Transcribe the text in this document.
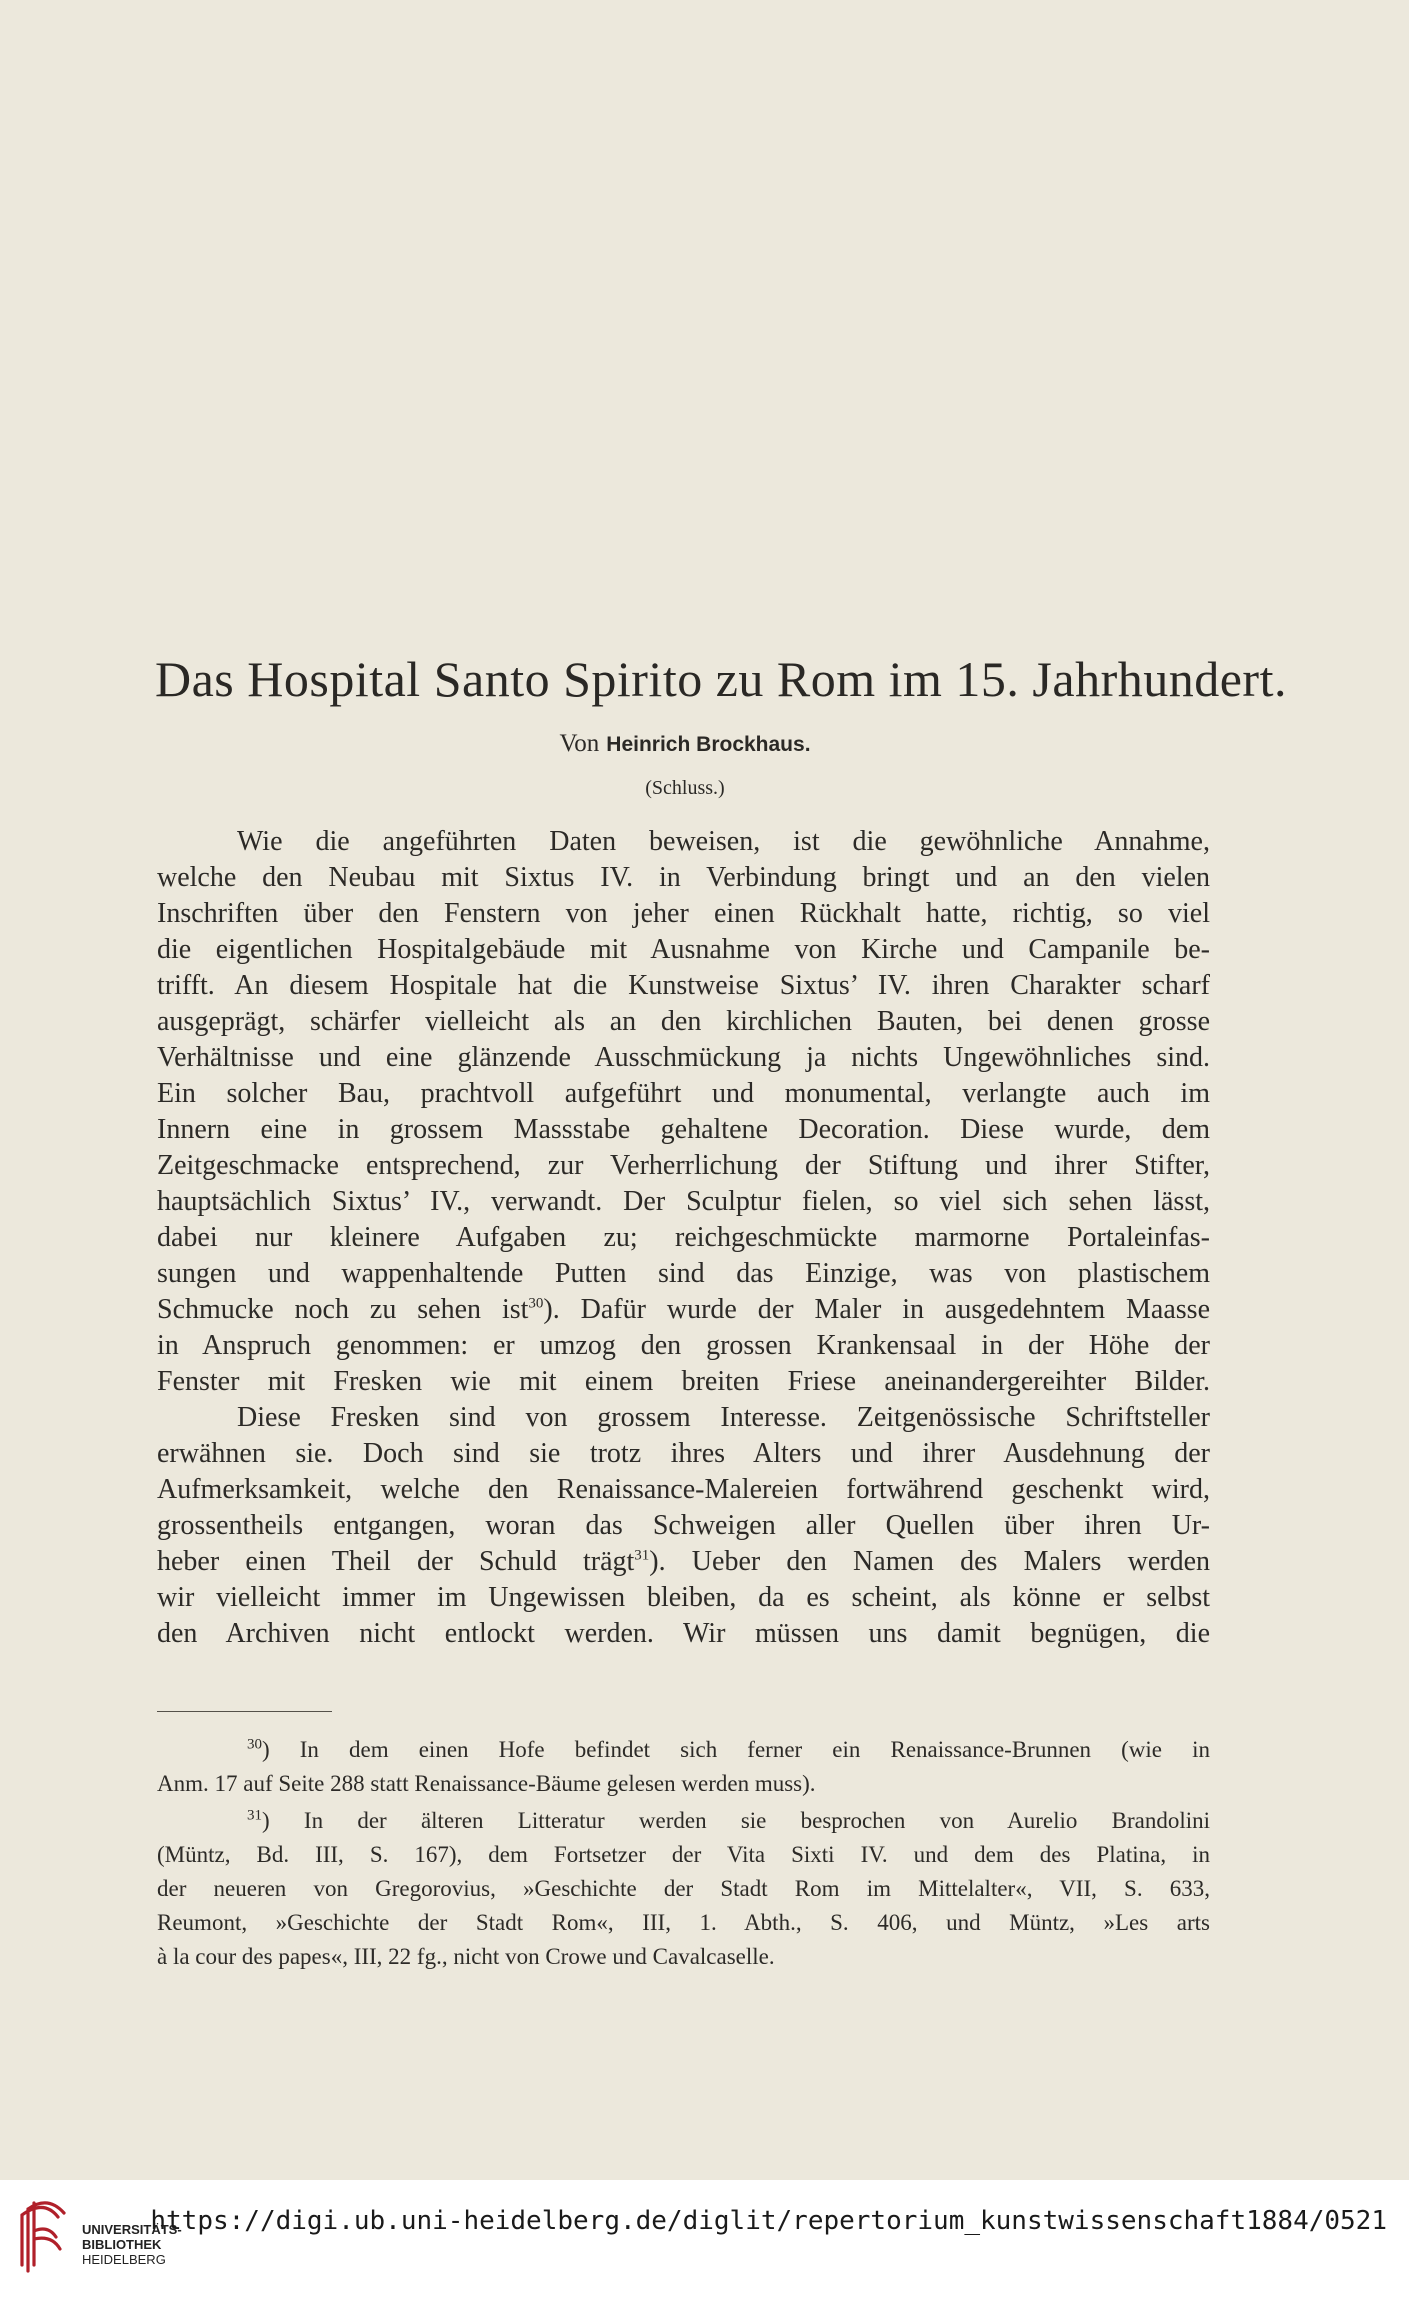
Das Hospital Santo Spirito zu Rom im 15. Jahrhundert.
Von Heinrich Brockhaus.
(Schluss.)
Wie die angeführten Daten beweisen, ist die gewöhnliche Annahme,
welche den Neubau mit Sixtus IV. in Verbindung bringt und an den vielen
Inschriften über den Fenstern von jeher einen Rückhalt hatte, richtig, so viel
die eigentlichen Hospitalgebäude mit Ausnahme von Kirche und Campanile be-
trifft. An diesem Hospitale hat die Kunstweise Sixtus’ IV. ihren Charakter scharf
ausgeprägt, schärfer vielleicht als an den kirchlichen Bauten, bei denen grosse
Verhältnisse und eine glänzende Ausschmückung ja nichts Ungewöhnliches sind.
Ein solcher Bau, prachtvoll aufgeführt und monumental, verlangte auch im
Innern eine in grossem Massstabe gehaltene Decoration. Diese wurde, dem
Zeitgeschmacke entsprechend, zur Verherrlichung der Stiftung und ihrer Stifter,
hauptsächlich Sixtus’ IV., verwandt. Der Sculptur fielen, so viel sich sehen lässt,
dabei nur kleinere Aufgaben zu; reichgeschmückte marmorne Portaleinfas-
sungen und wappenhaltende Putten sind das Einzige, was von plastischem
Schmucke noch zu sehen ist$^{30}$). Dafür wurde der Maler in ausgedehntem Maasse
in Anspruch genommen: er umzog den grossen Krankensaal in der Höhe der
Fenster mit Fresken wie mit einem breiten Friese aneinandergereihter Bilder.
Diese Fresken sind von grossem Interesse. Zeitgenössische Schriftsteller
erwähnen sie. Doch sind sie trotz ihres Alters und ihrer Ausdehnung der
Aufmerksamkeit, welche den Renaissance-Malereien fortwährend geschenkt wird,
grossentheils entgangen, woran das Schweigen aller Quellen über ihren Ur-
heber einen Theil der Schuld trägt$^{31}$). Ueber den Namen des Malers werden
wir vielleicht immer im Ungewissen bleiben, da es scheint, als könne er selbst
den Archiven nicht entlockt werden. Wir müssen uns damit begnügen, die
$^{30}$) In dem einen Hofe befindet sich ferner ein Renaissance-Brunnen (wie in
Anm. 17 auf Seite 288 statt Renaissance-Bäume gelesen werden muss).
$^{31}$) In der älteren Litteratur werden sie besprochen von Aurelio Brandolini
(Müntz, Bd. III, S. 167), dem Fortsetzer der Vita Sixti IV. und dem des Platina, in
der neueren von Gregorovius, »Geschichte der Stadt Rom im Mittelalter«, VII, S. 633,
Reumont, »Geschichte der Stadt Rom«, III, 1. Abth., S. 406, und Müntz, »Les arts
à la cour des papes«, III, 22 fg., nicht von Crowe und Cavalcaselle.
UNIVERSITÄTS-
BIBLIOTHEK
HEIDELBERG
https://digi.ub.uni-heidelberg.de/diglit/repertorium_kunstwissenschaft1884/0521
